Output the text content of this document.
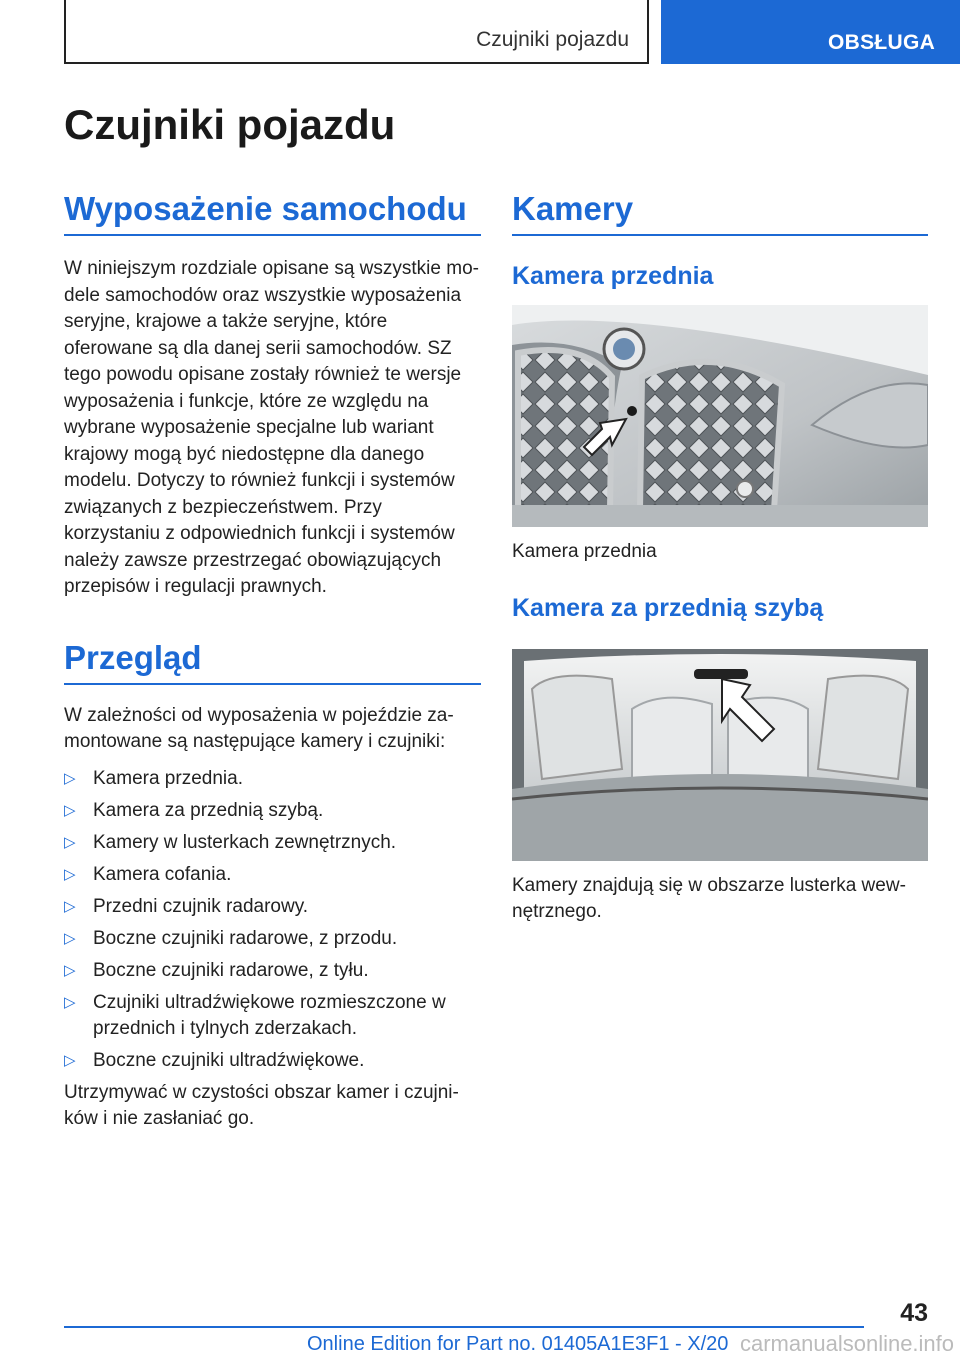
Czujniki pojazdu	OBSŁUGA
Czujniki pojazdu
Wyposażenie samochodu

W niniejszym rozdziale opisane są wszystkie modele samochodów oraz wszystkie wyposażenia seryjne, krajowe a także seryjne, które oferowane są dla danej serii samochodów. SZ tego powodu opisane zostały również te wersje wyposażenia i funkcje, które ze względu na wybrane wyposażenie specjalne lub wariant krajowy mogą być niedostępne dla danego modelu. Dotyczy to również funkcji i systemów związanych z bezpieczeństwem. Przy korzystaniu z odpowiednich funkcji i systemów należy zawsze przestrzegać obowiązujących przepisów i regulacji prawnych.

Przegląd

W zależności od wyposażenia w pojeździe zamontowane są następujące kamery i czujniki:

▷ Kamera przednia.
▷ Kamera za przednią szybą.
▷ Kamery w lusterkach zewnętrznych.
▷ Kamera cofania.
▷ Przedni czujnik radarowy.
▷ Boczne czujniki radarowe, z przodu.
▷ Boczne czujniki radarowe, z tyłu.
▷ Czujniki ultradźwiękowe rozmieszczone w przednich i tylnych zderzakach.
▷ Boczne czujniki ultradźwiękowe.

Utrzymywać w czystości obszar kamer i czujników i nie zasłaniać go.

Kamery
Kamera przednia

Kamera przednia

Kamera za przednią szybą

Kamery znajdują się w obszarze lusterka wewnętrznego.

43
Online Edition for Part no. 01405A1E3F1 - X/20 carmanualsonline.info
